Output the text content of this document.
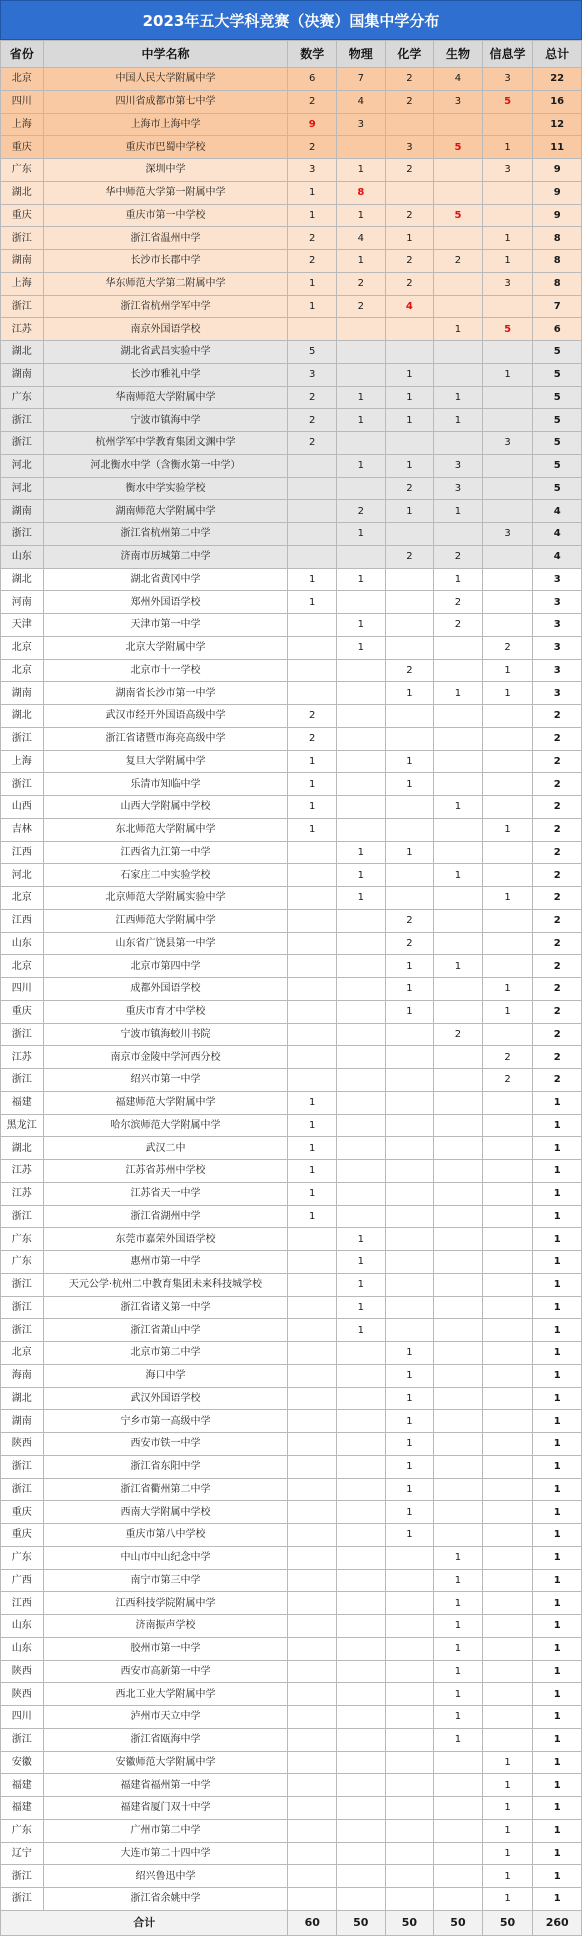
2023年五大学科竞赛（决赛）国集中学分布
省份	中学名称	数学	物理	化学	生物	信息学	总计
北京	中国人民大学附属中学	6	7	2	4	3	22
四川	四川省成都市第七中学	2	4	2	3	5	16
上海	上海市上海中学	9	3				12
重庆	重庆市巴蜀中学校	2		3	5	1	11
广东	深圳中学	3	1	2		3	9
湖北	华中师范大学第一附属中学	1	8				9
重庆	重庆市第一中学校	1	1	2	5		9
浙江	浙江省温州中学	2	4	1		1	8
湖南	长沙市长郡中学	2	1	2	2	1	8
上海	华东师范大学第二附属中学	1	2	2		3	8
浙江	浙江省杭州学军中学	1	2	4			7
江苏	南京外国语学校				1	5	6
湖北	湖北省武昌实验中学	5					5
湖南	长沙市雅礼中学	3		1		1	5
广东	华南师范大学附属中学	2	1	1	1		5
浙江	宁波市镇海中学	2	1	1	1		5
浙江	杭州学军中学教育集团文渊中学	2				3	5
河北	河北衡水中学（含衡水第一中学）		1	1	3		5
河北	衡水中学实验学校			2	3		5
湖南	湖南师范大学附属中学		2	1	1		4
浙江	浙江省杭州第二中学		1			3	4
山东	济南市历城第二中学			2	2		4
湖北	湖北省黄冈中学	1	1		1		3
河南	郑州外国语学校	1			2		3
天津	天津市第一中学		1		2		3
北京	北京大学附属中学		1			2	3
北京	北京市十一学校			2		1	3
湖南	湖南省长沙市第一中学			1	1	1	3
湖北	武汉市经开外国语高级中学	2					2
浙江	浙江省诸暨市海亮高级中学	2					2
上海	复旦大学附属中学	1		1			2
浙江	乐清市知临中学	1		1			2
山西	山西大学附属中学校	1			1		2
吉林	东北师范大学附属中学	1				1	2
江西	江西省九江第一中学		1	1			2
河北	石家庄二中实验学校		1		1		2
北京	北京师范大学附属实验中学		1			1	2
江西	江西师范大学附属中学			2			2
山东	山东省广饶县第一中学			2			2
北京	北京市第四中学			1	1		2
四川	成都外国语学校			1		1	2
重庆	重庆市育才中学校			1		1	2
浙江	宁波市镇海蛟川书院				2		2
江苏	南京市金陵中学河西分校					2	2
浙江	绍兴市第一中学					2	2
福建	福建师范大学附属中学	1					1
黑龙江	哈尔滨师范大学附属中学	1					1
湖北	武汉二中	1					1
江苏	江苏省苏州中学校	1					1
江苏	江苏省天一中学	1					1
浙江	浙江省湖州中学	1					1
广东	东莞市嘉荣外国语学校		1				1
广东	惠州市第一中学		1				1
浙江	天元公学·杭州二中教育集团未来科技城学校		1				1
浙江	浙江省诸义第一中学		1				1
浙江	浙江省萧山中学		1				1
北京	北京市第二中学			1			1
海南	海口中学			1			1
湖北	武汉外国语学校			1			1
湖南	宁乡市第一高级中学			1			1
陕西	西安市铁一中学			1			1
浙江	浙江省东阳中学			1			1
浙江	浙江省衢州第二中学			1			1
重庆	西南大学附属中学校			1			1
重庆	重庆市第八中学校			1			1
广东	中山市中山纪念中学				1		1
广西	南宁市第三中学				1		1
江西	江西科技学院附属中学				1		1
山东	济南振声学校				1		1
山东	胶州市第一中学				1		1
陕西	西安市高新第一中学				1		1
陕西	西北工业大学附属中学				1		1
四川	泸州市天立中学				1		1
浙江	浙江省瓯海中学				1		1
安徽	安徽师范大学附属中学					1	1
福建	福建省福州第一中学					1	1
福建	福建省厦门双十中学					1	1
广东	广州市第二中学					1	1
辽宁	大连市第二十四中学					1	1
浙江	绍兴鲁迅中学					1	1
浙江	浙江省余姚中学					1	1
合计		60	50	50	50	50	260
